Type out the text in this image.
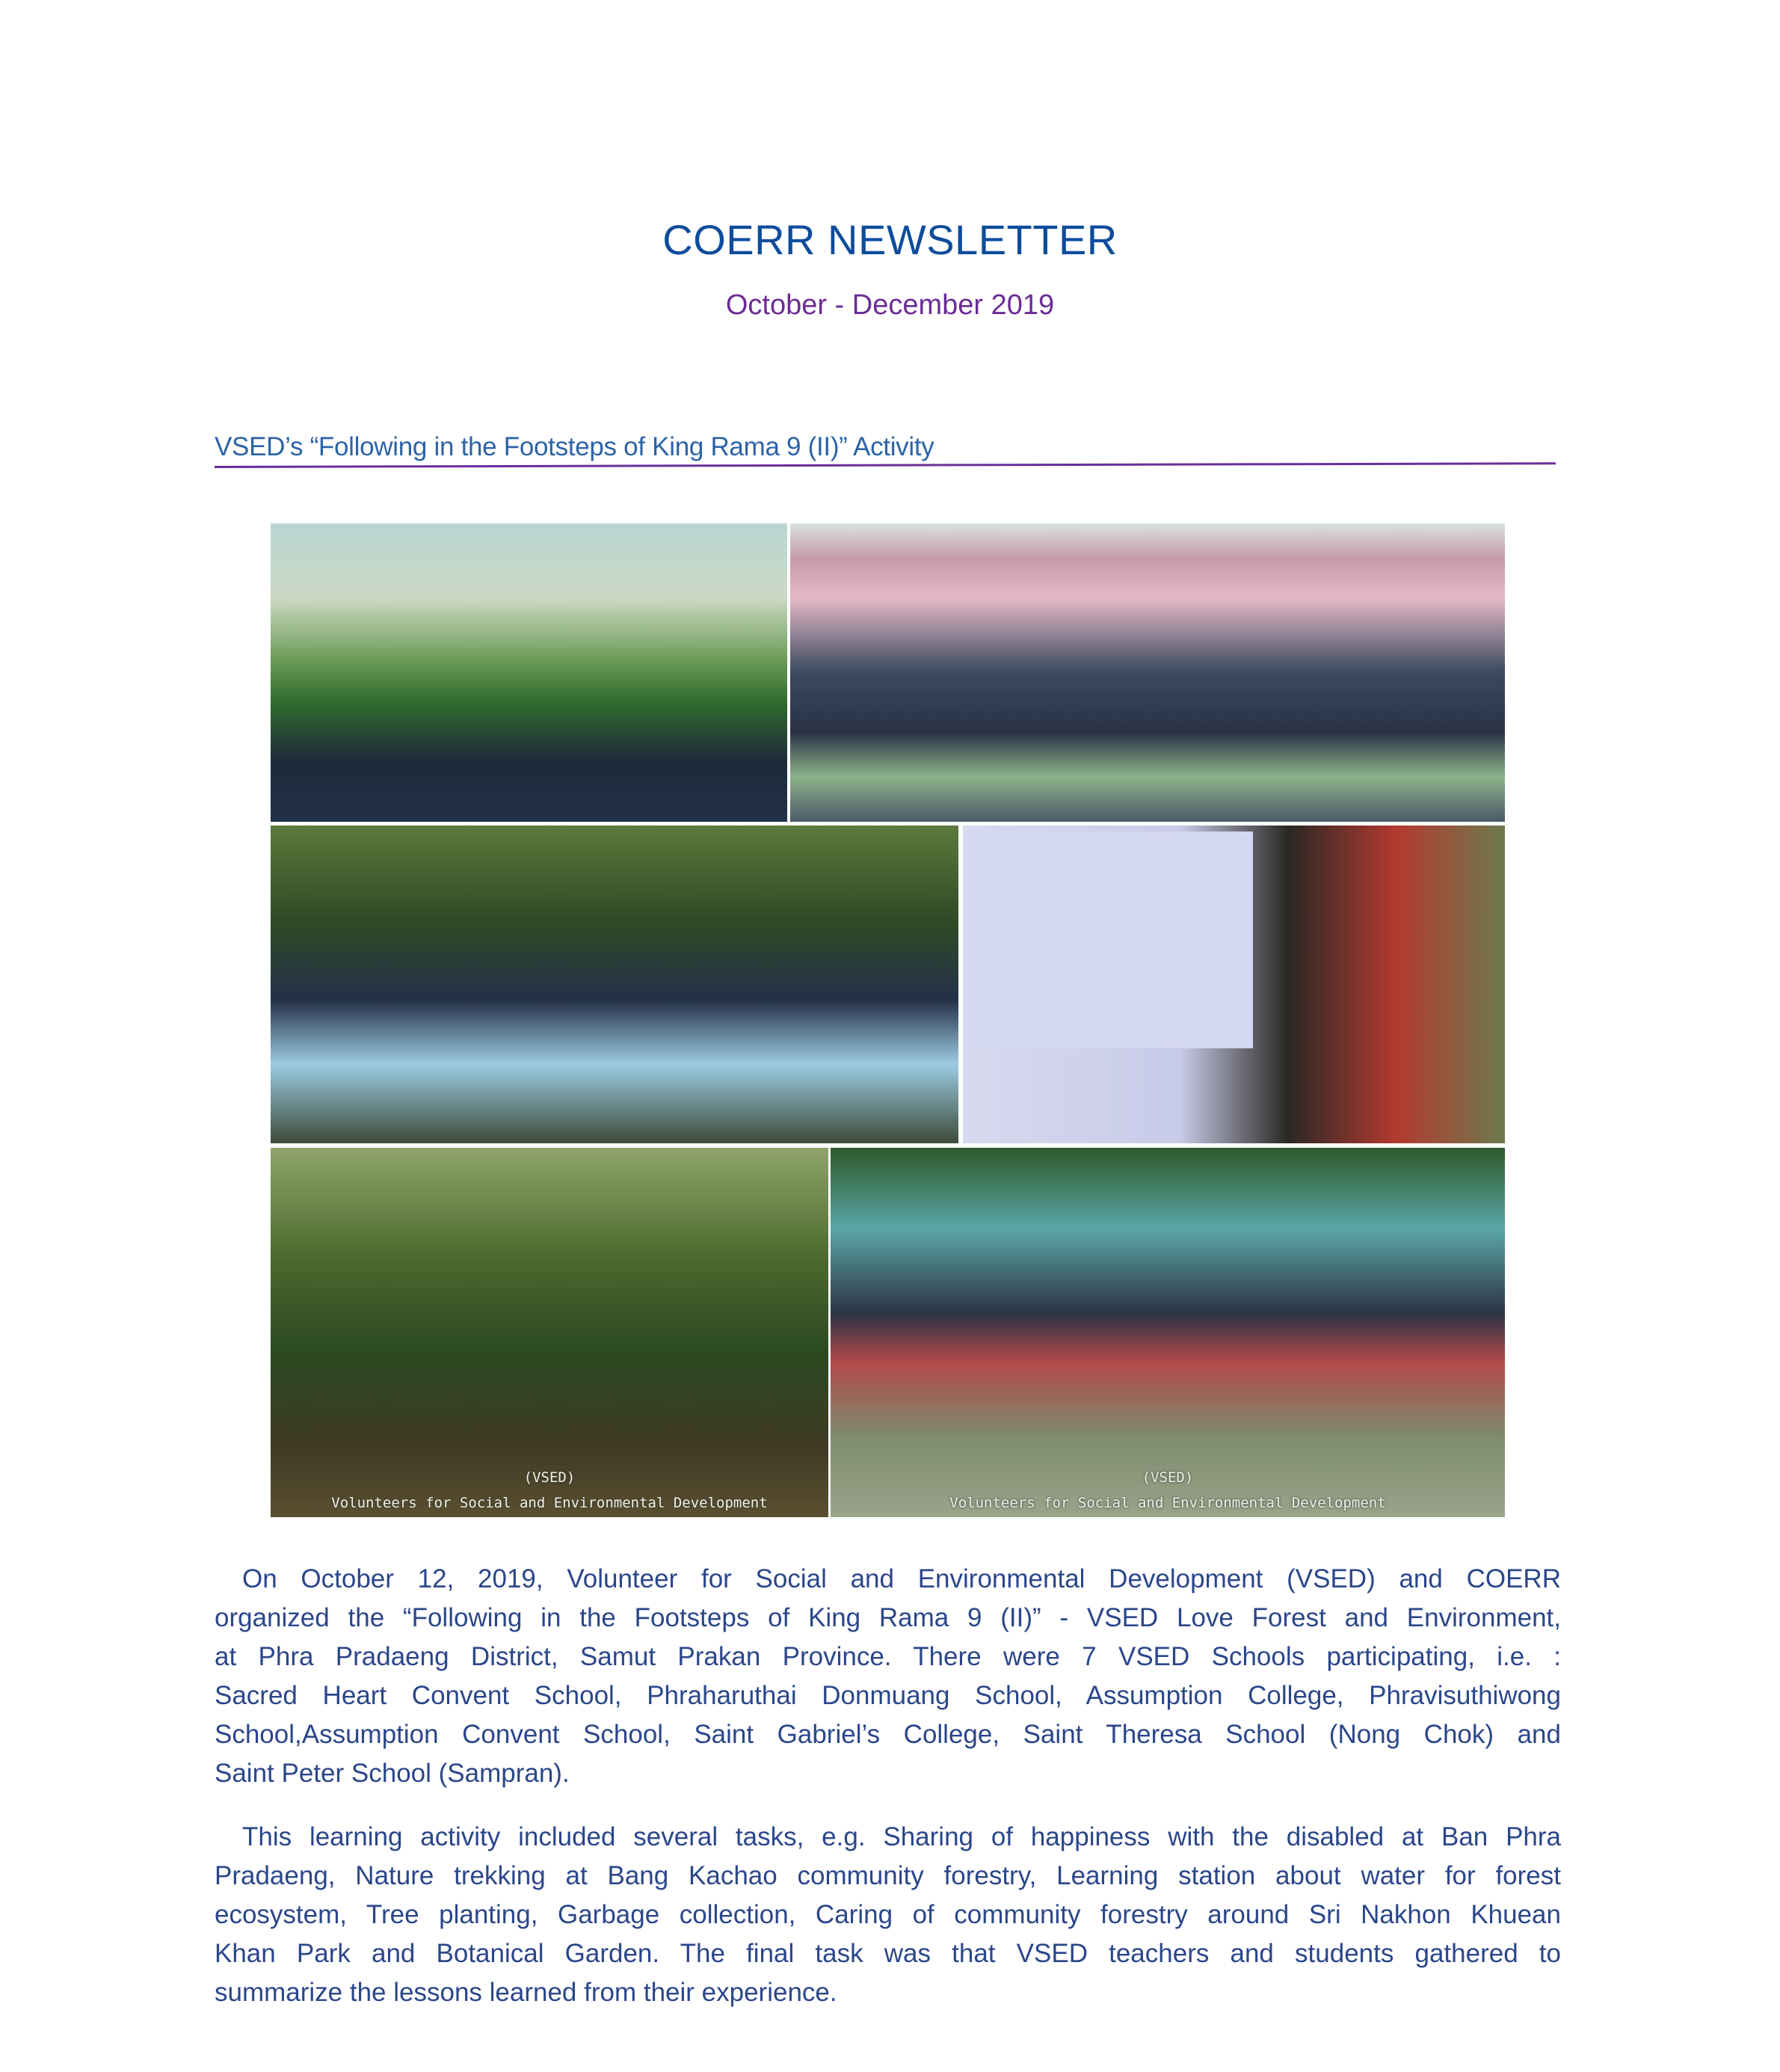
COERR NEWSLETTER
October - December 2019
VSED’s “Following in the Footsteps of King Rama 9 (II)” Activity
(VSED)
Volunteers for Social and Environmental Development
(VSED)
Volunteers for Social and Environmental Development
On October 12, 2019, Volunteer for Social and Environmental Development (VSED) and COERR
organized the “Following in the Footsteps of King Rama 9 (II)” - VSED Love Forest and Environment,
at Phra Pradaeng District, Samut Prakan Province. There were 7 VSED Schools participating, i.e. :
Sacred Heart Convent School, Phraharuthai Donmuang School, Assumption College, Phravisuthiwong
School,Assumption Convent School, Saint Gabriel’s College, Saint Theresa School (Nong Chok) and
Saint Peter School (Sampran).
This learning activity included several tasks, e.g. Sharing of happiness with the disabled at Ban Phra
Pradaeng, Nature trekking at Bang Kachao community forestry, Learning station about water for forest
ecosystem, Tree planting, Garbage collection, Caring of community forestry around Sri Nakhon Khuean
Khan Park and Botanical Garden. The final task was that VSED teachers and students gathered to
summarize the lessons learned from their experience.
